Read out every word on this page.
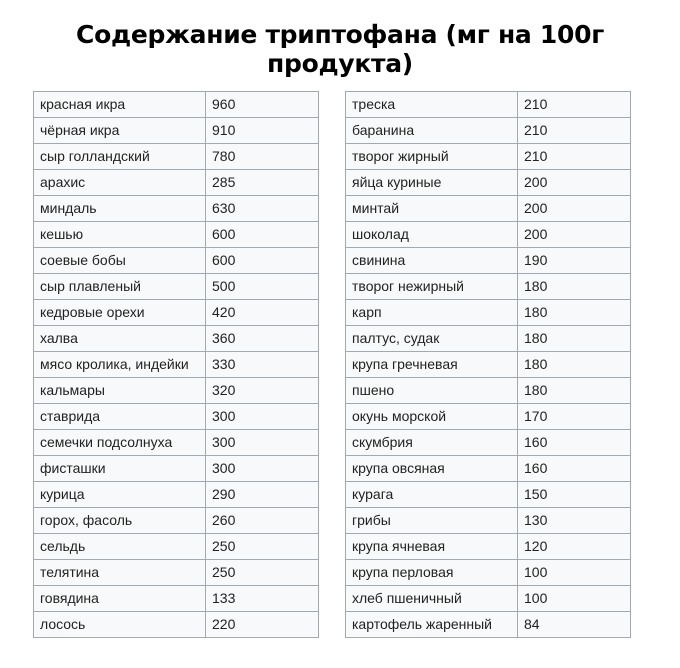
Содержание триптофана (мг на 100г продукта)
красная икра	960
чёрная икра	910
сыр голландский	780
арахис	285
миндаль	630
кешью	600
соевые бобы	600
сыр плавленый	500
кедровые орехи	420
халва	360
мясо кролика, индейки	330
кальмары	320
ставрида	300
семечки подсолнуха	300
фисташки	300
курица	290
горох, фасоль	260
сельдь	250
телятина	250
говядина	133
лосось	220
треска	210
баранина	210
творог жирный	210
яйца куриные	200
минтай	200
шоколад	200
свинина	190
творог нежирный	180
карп	180
палтус, судак	180
крупа гречневая	180
пшено	180
окунь морской	170
скумбрия	160
крупа овсяная	160
курага	150
грибы	130
крупа ячневая	120
крупа перловая	100
хлеб пшеничный	100
картофель жаренный	84
